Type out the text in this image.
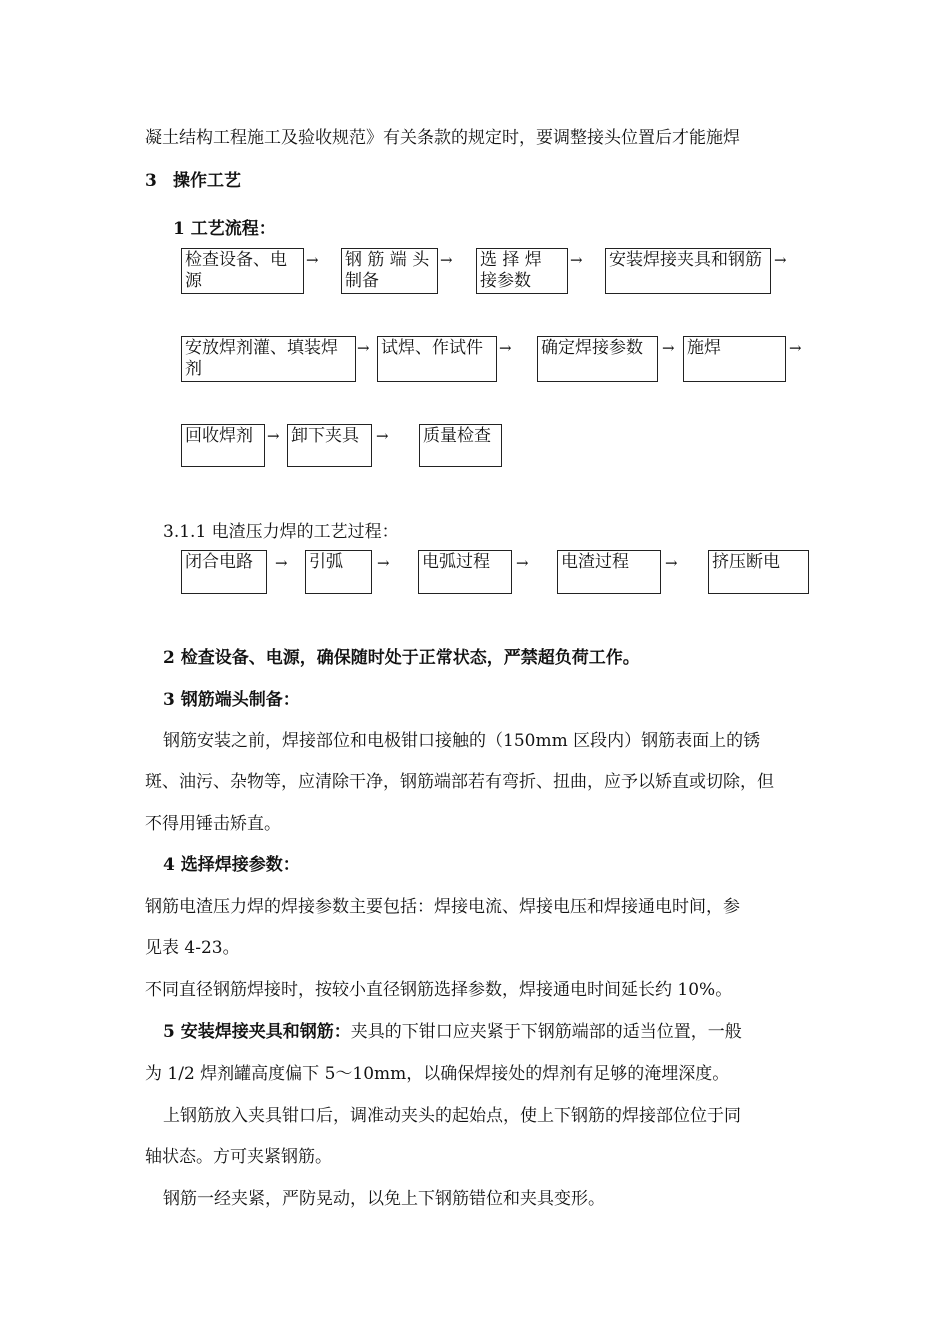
凝土结构工程施工及验收规范》有关条款的规定时，要调整接头位置后才能施焊
3 操作工艺
1 工艺流程：
检查设备、电源
→ 钢 筋 端 头制备
→ 选 择 焊 接参数
→ 安装焊接夹具和钢筋 →
安放焊剂灌、填装焊剂
→ 试焊、作试件	→ 确定焊接参数	→ 施焊	→
回收焊剂 → 卸下夹具	→ 质量检查
3.1.1 电渣压力焊的工艺过程：
闭合电路	→ 引弧	→ 电弧过程	→ 电渣过程	→ 挤压断电
2 检查设备、电源，确保随时处于正常状态，严禁超负荷工作。
3 钢筋端头制备：
钢筋安装之前，焊接部位和电极钳口接触的（150mm 区段内）钢筋表面上的锈
斑、油污、杂物等，应清除干净，钢筋端部若有弯折、扭曲，应予以矫直或切除，但
不得用锤击矫直。
4 选择焊接参数：
钢筋电渣压力焊的焊接参数主要包括：焊接电流、焊接电压和焊接通电时间，参
见表 4-23。
不同直径钢筋焊接时，按较小直径钢筋选择参数，焊接通电时间延长约 10%。
5 安装焊接夹具和钢筋：夹具的下钳口应夹紧于下钢筋端部的适当位置，一般
为 1/2 焊剂罐高度偏下 5～10mm，以确保焊接处的焊剂有足够的淹埋深度。
上钢筋放入夹具钳口后，调准动夹头的起始点，使上下钢筋的焊接部位位于同
轴状态。方可夹紧钢筋。
钢筋一经夹紧，严防晃动，以免上下钢筋错位和夹具变形。
